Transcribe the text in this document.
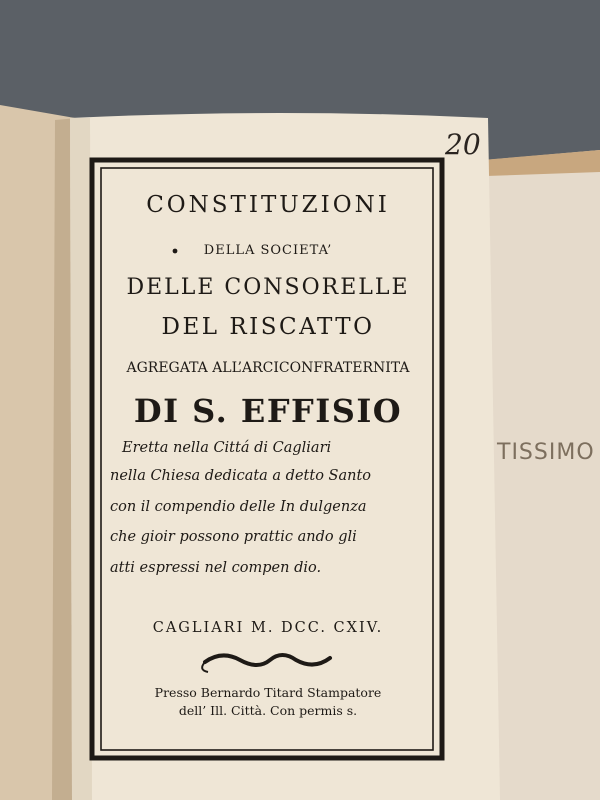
20

TISSIMO

CONSTITUZIONI

DELLA SOCIETA’

DELLE CONSORELLE

DEL RISCATTO

AGREGATA ALL’ARCICONFRATERNITA

DI S. EFFISIO

Eretta nella Cittá di Cagliari

nella Chiesa dedicata a detto Santo

con il compendio delle In dulgenza

che gioir possono prattic ando gli

atti espressi nel compen dio.

CAGLIARI M. DCC. CXIV.

Presso Bernardo Titard Stampatore

dell’ Ill. Città. Con permis s.
